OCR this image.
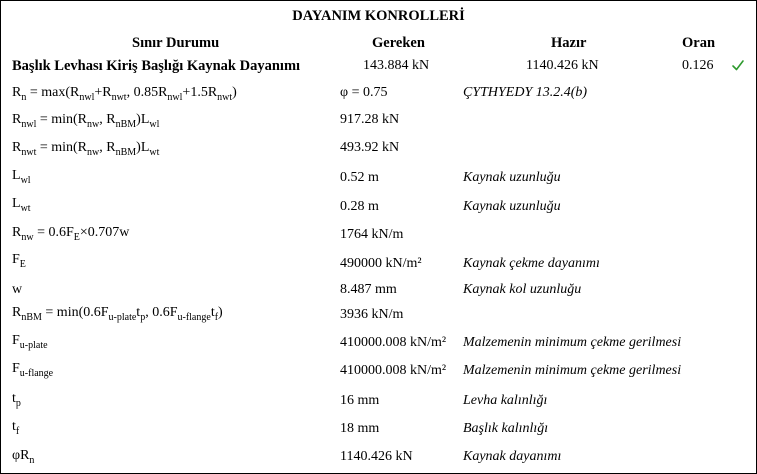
DAYANIM KONROLLERİ
Sınır Durumu	Gereken	Hazır	Oran
Başlık Levhası Kiriş Başlığı Kaynak Dayanımı	143.884 kN	1140.426 kN	0.126
$R_n = \max(R_{nwl}+R_{nwt}$, $0.85R_{nwl}+1.5R_{nwt}$)	φ = 0.75	ÇYTHYEDY 13.2.4(b)
$R_{nwl} = \min(R_{nw}$, $R_{nBM})L_{wl}$	917.28 kN
$R_{nwt} = \min(R_{nw}$, $R_{nBM})L_{wt}$	493.92 kN
$L_{wl}$	0.52 m	Kaynak uzunluğu
$L_{wt}$	0.28 m	Kaynak uzunluğu
$R_{nw} = 0.6F_E\times 0.707w$	1764 kN/m
$F_E$	490000 kN/m²	Kaynak çekme dayanımı
w	8.487 mm	Kaynak kol uzunluğu
$R_{nBM} = \min(0.6F_{u-plate}t_p$, $0.6F_{u-flange}t_f$)	3936 kN/m
$F_{u-plate}$	410000.008 kN/m² Malzemenin minimum çekme gerilmesi
$F_{u-flange}$	410000.008 kN/m² Malzemenin minimum çekme gerilmesi
$t_p$	16 mm	Levha kalınlığı
$t_f$	18 mm	Başlık kalınlığı
$\varphi R_n$	1140.426 kN	Kaynak dayanımı
